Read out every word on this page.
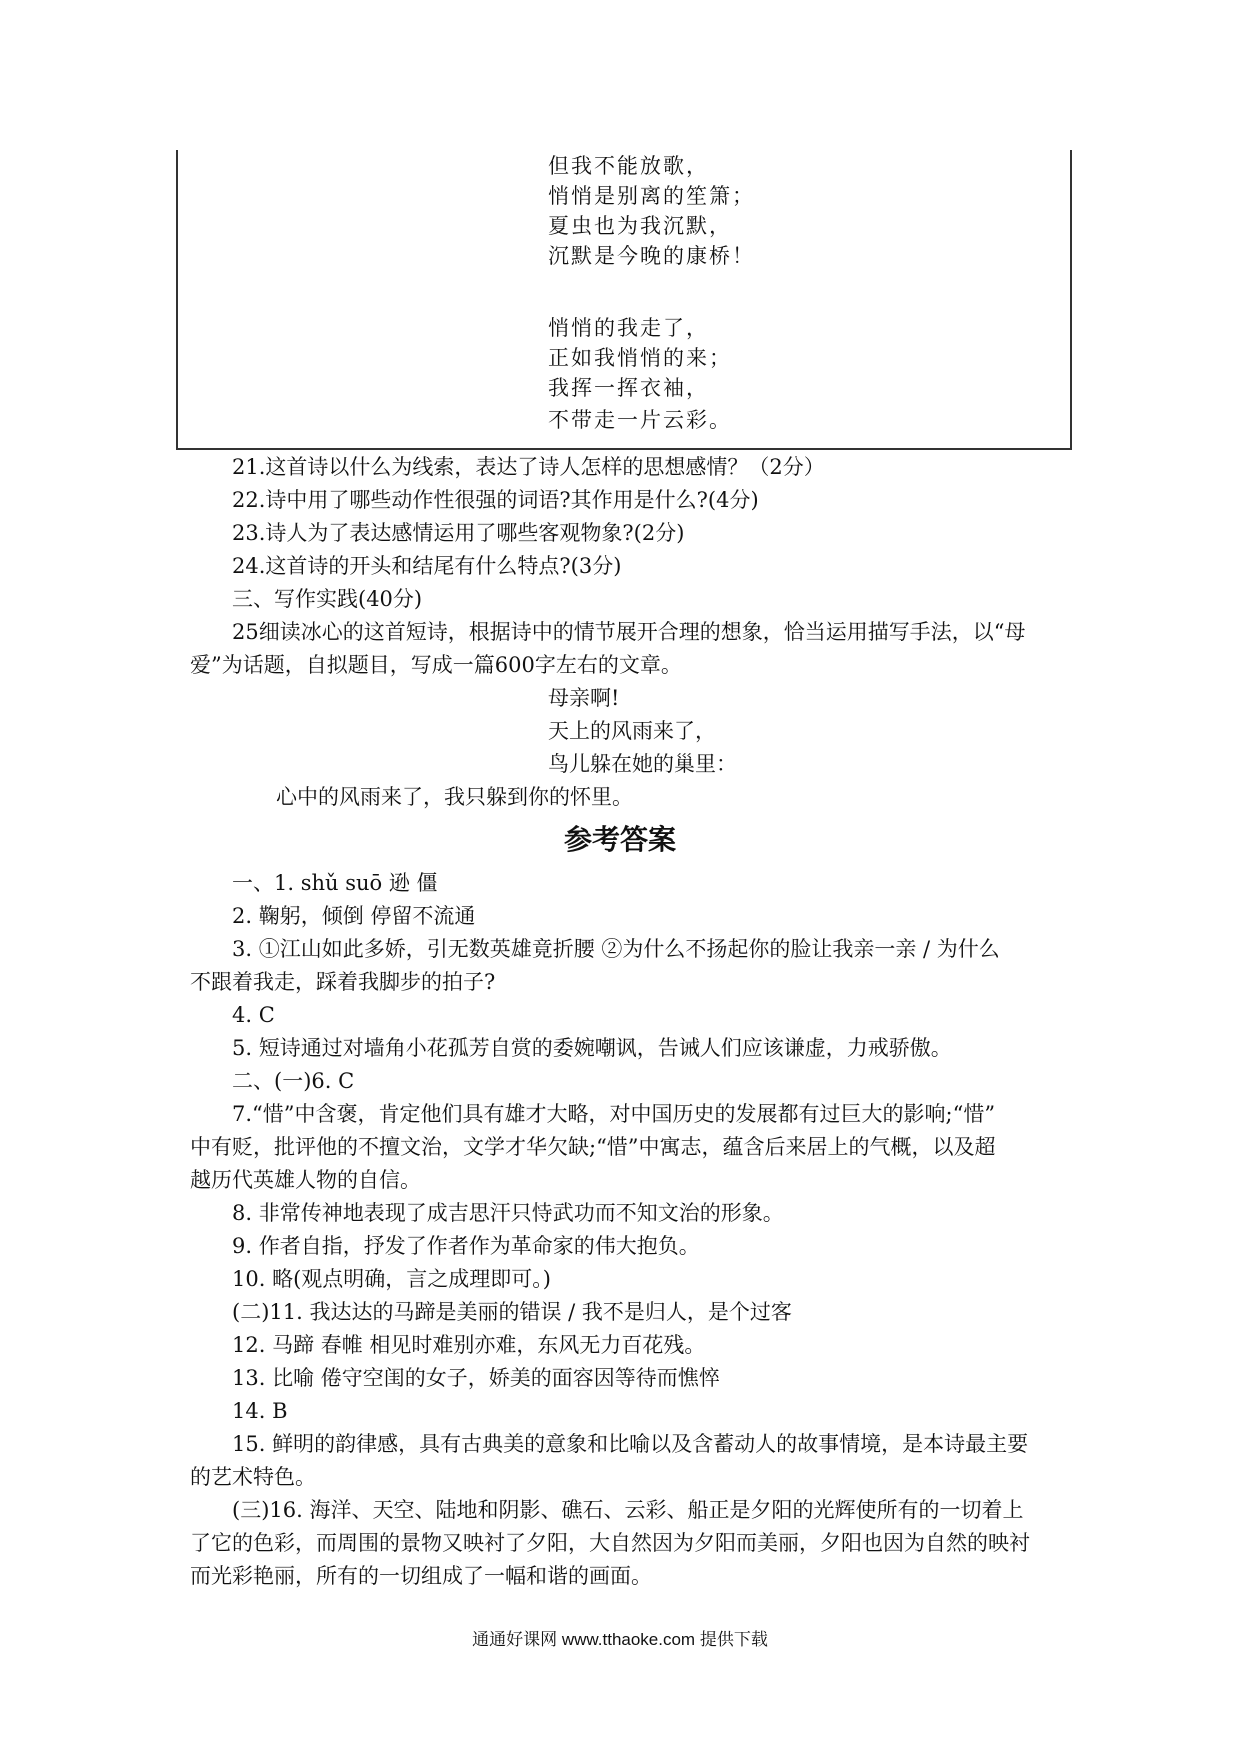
但我不能放歌，
悄悄是别离的笙箫；
夏虫也为我沉默，
沉默是今晚的康桥！
悄悄的我走了，
正如我悄悄的来；
我挥一挥衣袖，
不带走一片云彩。
21.这首诗以什么为线索，表达了诗人怎样的思想感情？（2分）
22.诗中用了哪些动作性很强的词语?其作用是什么?(4分)
23.诗人为了表达感情运用了哪些客观物象?(2分)
24.这首诗的开头和结尾有什么特点?(3分)
三、写作实践(40分)
25细读冰心的这首短诗，根据诗中的情节展开合理的想象，恰当运用描写手法，以“母
爱”为话题，自拟题目，写成一篇600字左右的文章。
母亲啊!
天上的风雨来了，
鸟儿躲在她的巢里：
心中的风雨来了，我只躲到你的怀里。
参考答案
一、1. shǔ suō 逊 僵
2. 鞠躬，倾倒 停留不流通
3. ①江山如此多娇，引无数英雄竟折腰 ②为什么不扬起你的脸让我亲一亲 / 为什么
不跟着我走，踩着我脚步的拍子?
4. C
5. 短诗通过对墙角小花孤芳自赏的委婉嘲讽，告诫人们应该谦虚，力戒骄傲。
二、(一)6. C
7.“惜”中含褒，肯定他们具有雄才大略，对中国历史的发展都有过巨大的影响;“惜”
中有贬，批评他的不擅文治，文学才华欠缺;“惜”中寓志，蕴含后来居上的气概，以及超
越历代英雄人物的自信。
8. 非常传神地表现了成吉思汗只恃武功而不知文治的形象。
9. 作者自指，抒发了作者作为革命家的伟大抱负。
10. 略(观点明确，言之成理即可。)
(二)11. 我达达的马蹄是美丽的错误 / 我不是归人，是个过客
12. 马蹄 春帷 相见时难别亦难，东风无力百花残。
13. 比喻 倦守空闺的女子，娇美的面容因等待而憔悴
14. B
15. 鲜明的韵律感，具有古典美的意象和比喻以及含蓄动人的故事情境，是本诗最主要
的艺术特色。
(三)16. 海洋、天空、陆地和阴影、礁石、云彩、船正是夕阳的光辉使所有的一切着上
了它的色彩，而周围的景物又映衬了夕阳，大自然因为夕阳而美丽，夕阳也因为自然的映衬
而光彩艳丽，所有的一切组成了一幅和谐的画面。
通通好课网 www.tthaoke.com 提供下载
